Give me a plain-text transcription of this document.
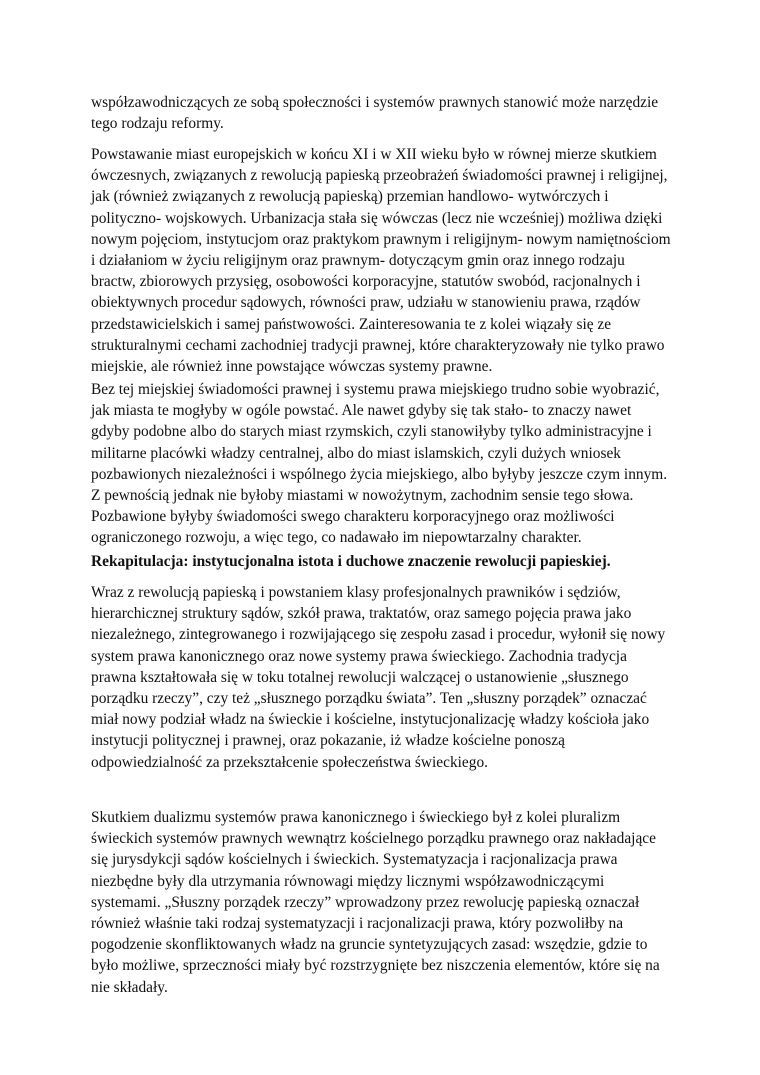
współzawodniczących ze sobą społeczności i systemów prawnych stanowić może narzędzie
tego rodzaju reformy.
Powstawanie miast europejskich w końcu XI i w XII wieku było w równej mierze skutkiem
ówczesnych, związanych z rewolucją papieską przeobrażeń świadomości prawnej i religijnej,
jak (również związanych z rewolucją papieską) przemian handlowo- wytwórczych i
polityczno- wojskowych. Urbanizacja stała się wówczas (lecz nie wcześniej) możliwa dzięki
nowym pojęciom, instytucjom oraz praktykom prawnym i religijnym- nowym namiętnościom
i działaniom w życiu religijnym oraz prawnym- dotyczącym gmin oraz innego rodzaju
bractw, zbiorowych przysięg, osobowości korporacyjne, statutów swobód, racjonalnych i
obiektywnych procedur sądowych, równości praw, udziału w stanowieniu prawa, rządów
przedstawicielskich i samej państwowości. Zainteresowania te z kolei wiązały się ze
strukturalnymi cechami zachodniej tradycji prawnej, które charakteryzowały nie tylko prawo
miejskie, ale również inne powstające wówczas systemy prawne.
Bez tej miejskiej świadomości prawnej i systemu prawa miejskiego trudno sobie wyobrazić,
jak miasta te mogłyby w ogóle powstać. Ale nawet gdyby się tak stało- to znaczy nawet
gdyby podobne albo do starych miast rzymskich, czyli stanowiłyby tylko administracyjne i
militarne placówki władzy centralnej, albo do miast islamskich, czyli dużych wniosek
pozbawionych niezależności i wspólnego życia miejskiego, albo byłyby jeszcze czym innym.
Z pewnością jednak nie byłoby miastami w nowożytnym, zachodnim sensie tego słowa.
Pozbawione byłyby świadomości swego charakteru korporacyjnego oraz możliwości
ograniczonego rozwoju, a więc tego, co nadawało im niepowtarzalny charakter.
Rekapitulacja: instytucjonalna istota i duchowe znaczenie rewolucji papieskiej.
Wraz z rewolucją papieską i powstaniem klasy profesjonalnych prawników i sędziów,
hierarchicznej struktury sądów, szkół prawa, traktatów, oraz samego pojęcia prawa jako
niezależnego, zintegrowanego i rozwijającego się zespołu zasad i procedur, wyłonił się nowy
system prawa kanonicznego oraz nowe systemy prawa świeckiego. Zachodnia tradycja
prawna kształtowała się w toku totalnej rewolucji walczącej o ustanowienie „słusznego
porządku rzeczy”, czy też „słusznego porządku świata”. Ten „słuszny porządek” oznaczać
miał nowy podział władz na świeckie i kościelne, instytucjonalizację władzy kościoła jako
instytucji politycznej i prawnej, oraz pokazanie, iż władze kościelne ponoszą
odpowiedzialność za przekształcenie społeczeństwa świeckiego.
Skutkiem dualizmu systemów prawa kanonicznego i świeckiego był z kolei pluralizm
świeckich systemów prawnych wewnątrz kościelnego porządku prawnego oraz nakładające
się jurysdykcji sądów kościelnych i świeckich. Systematyzacja i racjonalizacja prawa
niezbędne były dla utrzymania równowagi między licznymi współzawodniczącymi
systemami. „Słuszny porządek rzeczy” wprowadzony przez rewolucję papieską oznaczał
również właśnie taki rodzaj systematyzacji i racjonalizacji prawa, który pozwoliłby na
pogodzenie skonfliktowanych władz na gruncie syntetyzujących zasad: wszędzie, gdzie to
było możliwe, sprzeczności miały być rozstrzygnięte bez niszczenia elementów, które się na
nie składały.
